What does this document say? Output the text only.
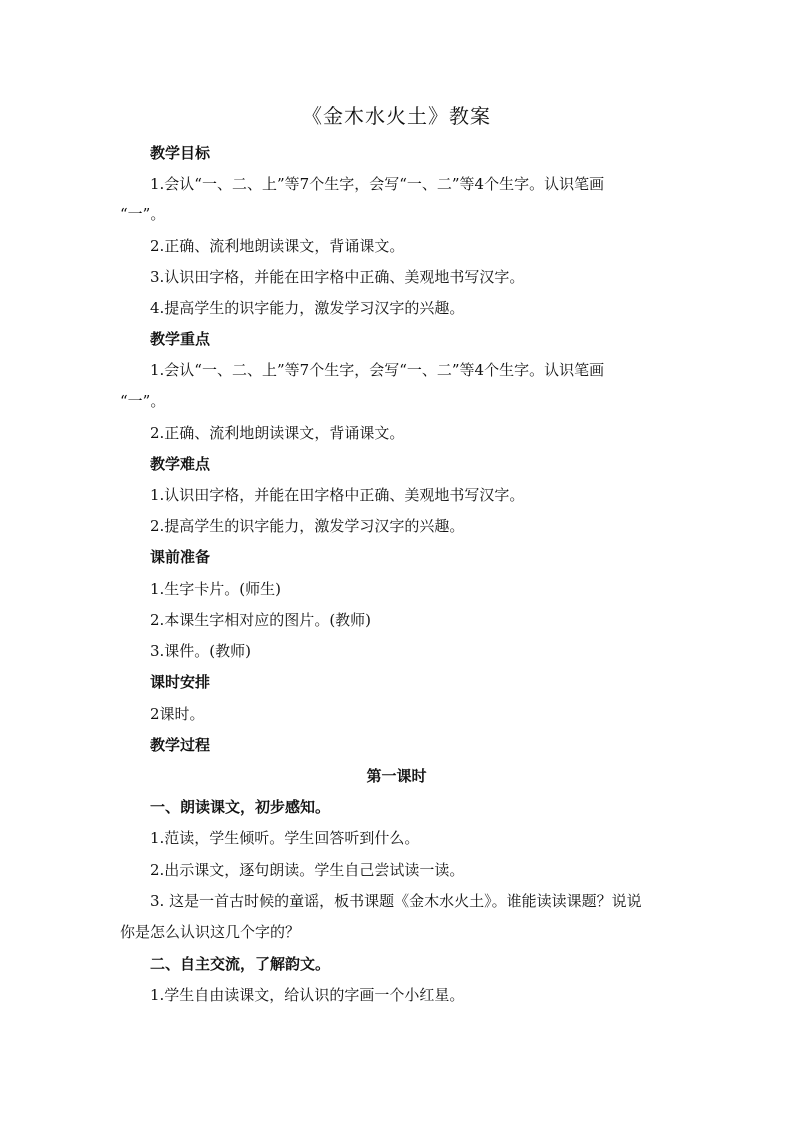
《金木水火土》教案
教学目标
1.会认“一、二、上”等7个生字，会写“一、二”等4个生字。认识笔画
“一”。
2.正确、流利地朗读课文，背诵课文。
3.认识田字格，并能在田字格中正确、美观地书写汉字。
4.提高学生的识字能力，激发学习汉字的兴趣。
教学重点
1.会认“一、二、上”等7个生字，会写“一、二”等4个生字。认识笔画
“一”。
2.正确、流利地朗读课文，背诵课文。
教学难点
1.认识田字格，并能在田字格中正确、美观地书写汉字。
2.提高学生的识字能力，激发学习汉字的兴趣。
课前准备
1.生字卡片。(师生)
2.本课生字相对应的图片。(教师)
3.课件。(教师)
课时安排
2课时。
教学过程
第一课时
一、朗读课文，初步感知。
1.范读，学生倾听。学生回答听到什么。
2.出示课文，逐句朗读。学生自己尝试读一读。
3. 这是一首古时候的童谣，板书课题《金木水火土》。谁能读读课题？说说
你是怎么认识这几个字的？
二、自主交流，了解韵文。
1.学生自由读课文，给认识的字画一个小红星。
